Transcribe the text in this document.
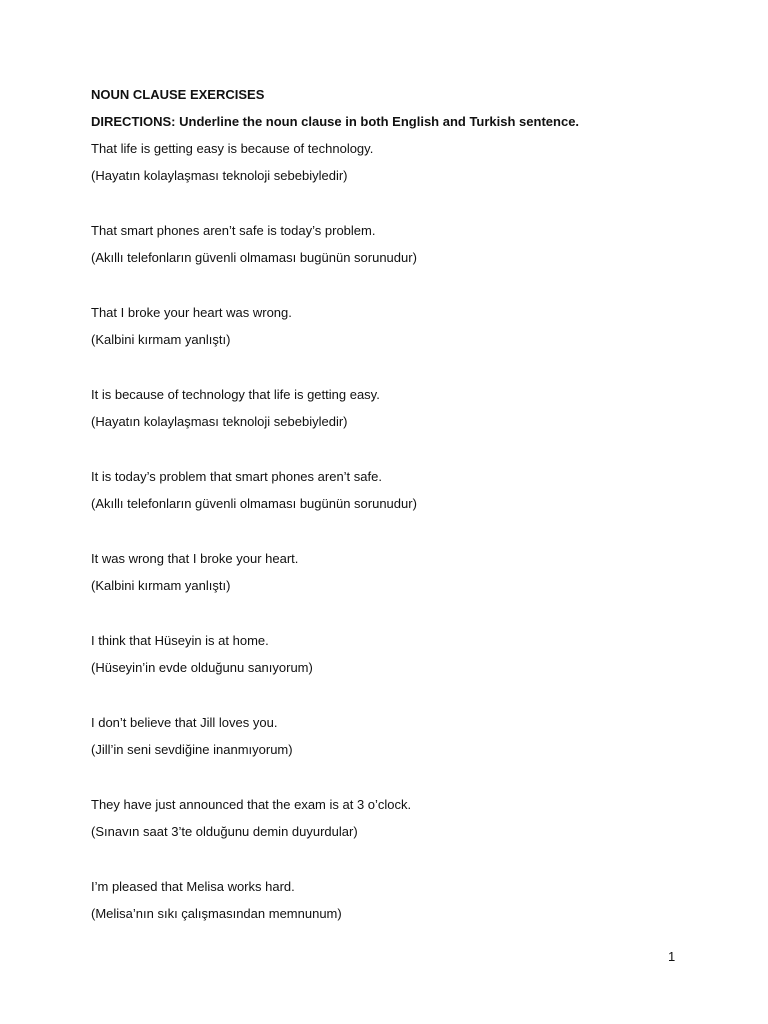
NOUN CLAUSE EXERCISES
DIRECTIONS: Underline the noun clause in both English and Turkish sentence.
That life is getting easy is because of technology.
(Hayatın kolaylaşması teknoloji sebebiyledir)
That smart phones aren’t safe is today’s problem.
(Akıllı telefonların güvenli olmaması bugünün sorunudur)
That I broke your heart was wrong.
(Kalbini kırmam yanlıştı)
It is because of technology that life is getting easy.
(Hayatın kolaylaşması teknoloji sebebiyledir)
It is today’s problem that smart phones aren’t safe.
(Akıllı telefonların güvenli olmaması bugünün sorunudur)
It was wrong that I broke your heart.
(Kalbini kırmam yanlıştı)
I think that Hüseyin is at home.
(Hüseyin’in evde olduğunu sanıyorum)
I don’t believe that Jill loves you.
(Jill’in seni sevdiğine inanmıyorum)
They have just announced that the exam is at 3 o’clock.
(Sınavın saat 3’te olduğunu demin duyurdular)
I’m pleased that Melisa works hard.
(Melisa’nın sıkı çalışmasından memnunum)
1
